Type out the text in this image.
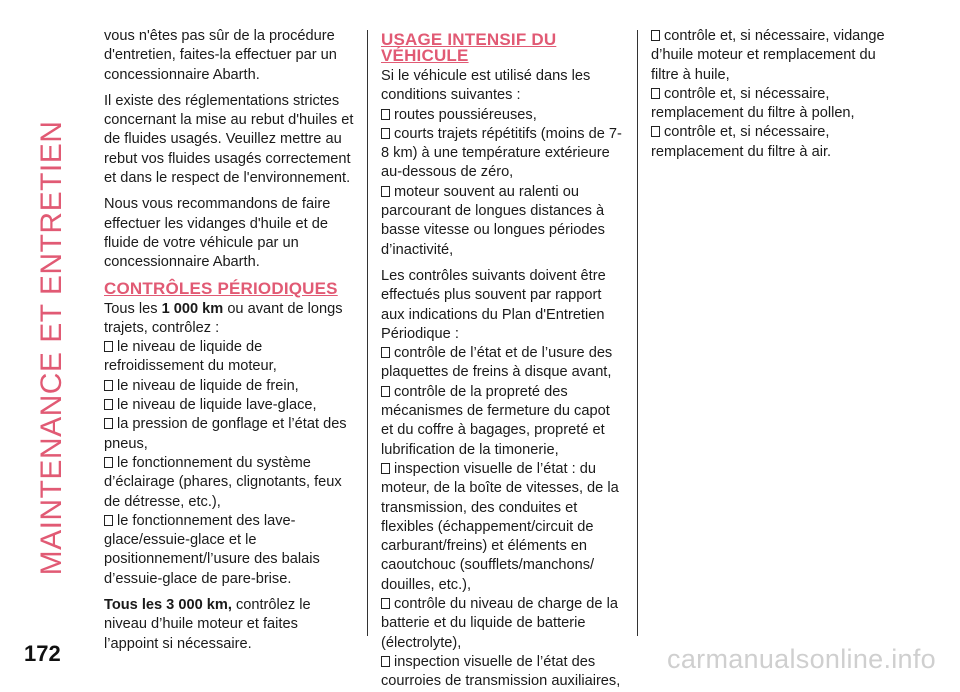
MAINTENANCE ET ENTRETIEN
172	carmanualsonline.info

vous n'êtes pas sûr de la procédure d'entretien, faites-la effectuer par un concessionnaire Abarth.

Il existe des réglementations strictes concernant la mise au rebut d'huiles et de fluides usagés. Veuillez mettre au rebut vos fluides usagés correctement et dans le respect de l'environnement.

Nous vous recommandons de faire effectuer les vidanges d'huile et de fluide de votre véhicule par un concessionnaire Abarth.

CONTRÔLES PÉRIODIQUES

Tous les 1 000 km ou avant de longs trajets, contrôlez :

le niveau de liquide de refroidissement du moteur,
le niveau de liquide de frein,
le niveau de liquide lave-glace,
la pression de gonflage et l’état des pneus,
le fonctionnement du système d’éclairage (phares, clignotants, feux de détresse, etc.),
le fonctionnement des lave-glace/essuie-glace et le positionnement/l’usure des balais d’essuie-glace de pare-brise.

Tous les 3 000 km, contrôlez le niveau d’huile moteur et faites l’appoint si nécessaire.

USAGE INTENSIF DU VÉHICULE

Si le véhicule est utilisé dans les conditions suivantes :

routes poussiéreuses,
courts trajets répétitifs (moins de 7-8 km) à une température extérieure au-dessous de zéro,
moteur souvent au ralenti ou parcourant de longues distances à basse vitesse ou longues périodes d’inactivité,

Les contrôles suivants doivent être effectués plus souvent par rapport aux indications du Plan d'Entretien Périodique :

contrôle de l’état et de l’usure des plaquettes de freins à disque avant,
contrôle de la propreté des mécanismes de fermeture du capot et du coffre à bagages, propreté et lubrification de la timonerie,
inspection visuelle de l’état : du moteur, de la boîte de vitesses, de la transmission, des conduites et flexibles (échappement/circuit de carburant/freins) et éléments en caoutchouc (soufflets/manchons/ douilles, etc.),
contrôle du niveau de charge de la batterie et du liquide de batterie (électrolyte),
inspection visuelle de l’état des courroies de transmission auxiliaires,
contrôle et, si nécessaire, vidange d’huile moteur et remplacement du filtre à huile,
contrôle et, si nécessaire, remplacement du filtre à pollen,
contrôle et, si nécessaire, remplacement du filtre à air.
